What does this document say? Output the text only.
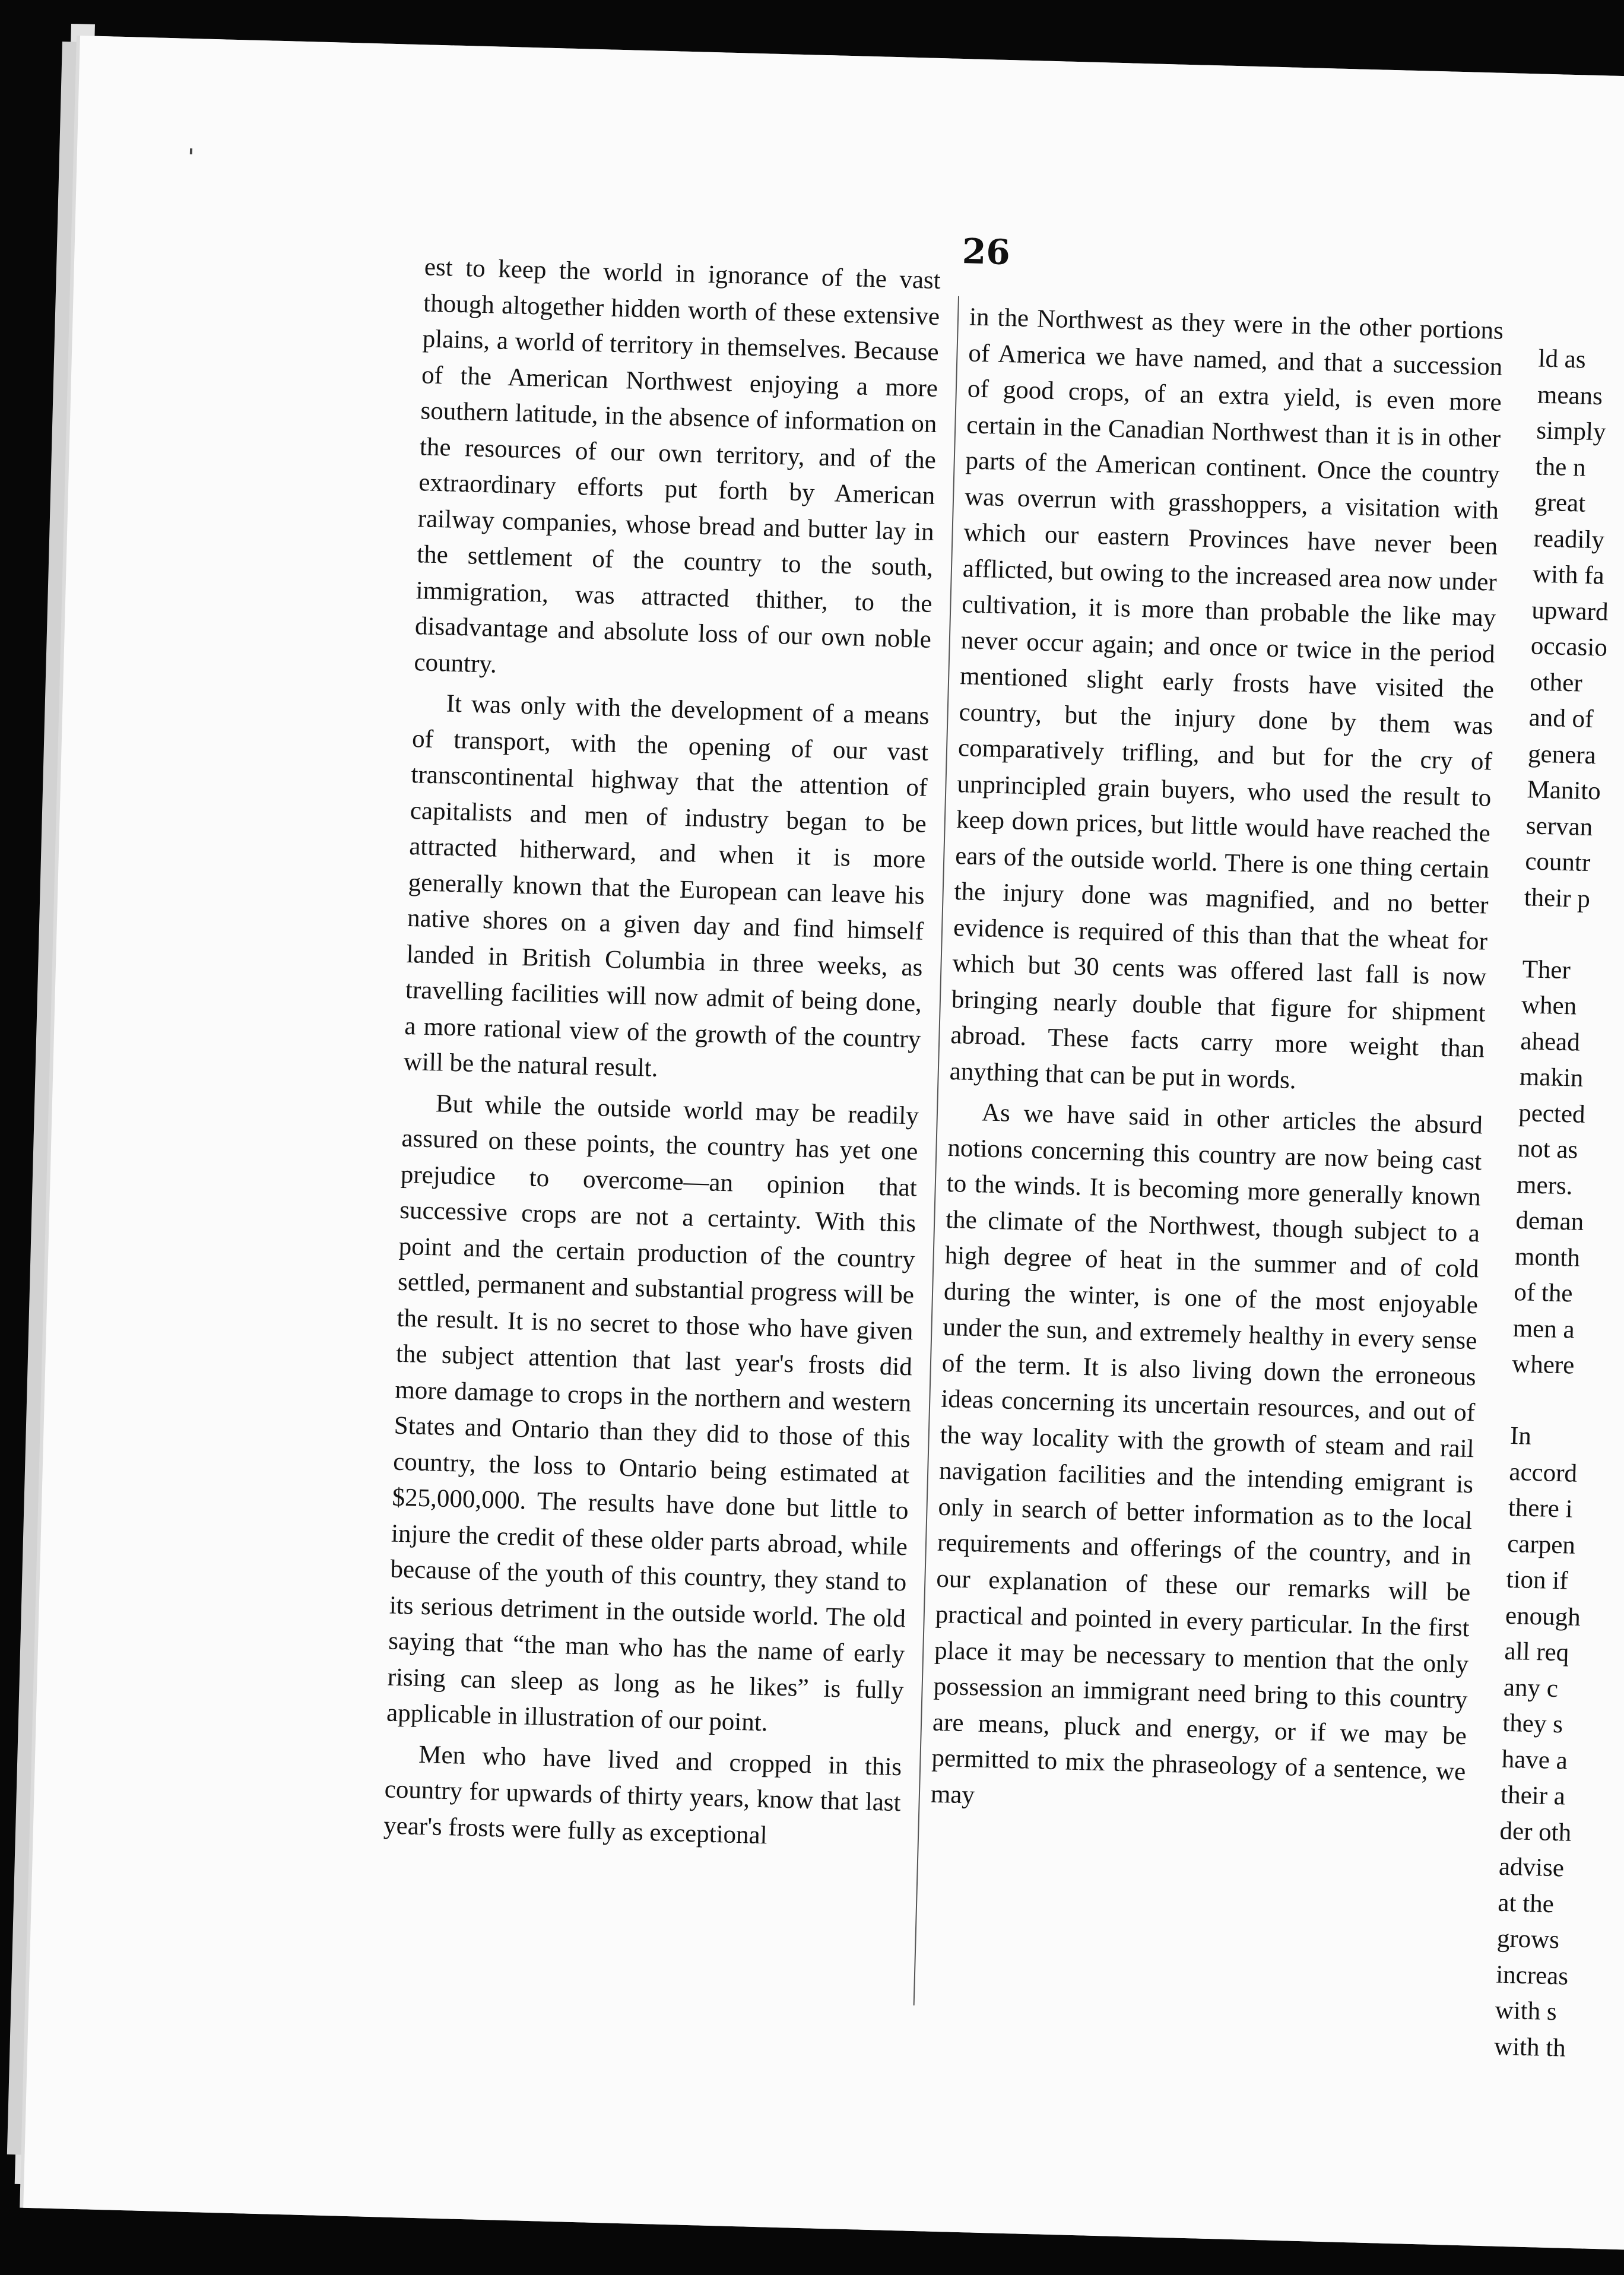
26

est to keep the world in ignorance of the vast though altogether hidden worth of these extensive plains, a world of territory in themselves. Because of the American Northwest enjoying a more southern latitude, in the absence of information on the resources of our own territory, and of the extraordinary efforts put forth by American railway companies, whose bread and butter lay in the settlement of the country to the south, immigration, was attracted thither, to the disadvantage and absolute loss of our own noble country.

It was only with the development of a means of transport, with the opening of our vast transcontinental highway that the attention of capitalists and men of industry began to be attracted hitherward, and when it is more generally known that the European can leave his native shores on a given day and find himself landed in British Columbia in three weeks, as travelling facilities will now admit of being done, a more rational view of the growth of the country will be the natural result.

But while the outside world may be readily assured on these points, the country has yet one prejudice to overcome—an opinion that successive crops are not a certainty. With this point and the certain production of the country settled, permanent and substantial progress will be the result. It is no secret to those who have given the subject attention that last year's frosts did more damage to crops in the northern and western States and Ontario than they did to those of this country, the loss to Ontario being estimated at $25,000,000. The results have done but little to injure the credit of these older parts abroad, while because of the youth of this country, they stand to its serious detriment in the outside world. The old saying that “the man who has the name of early rising can sleep as long as he likes” is fully applicable in illustration of our point.

Men who have lived and cropped in this country for upwards of thirty years, know that last year's frosts were fully as exceptional

in the Northwest as they were in the other portions of America we have named, and that a succession of good crops, of an extra yield, is even more certain in the Canadian Northwest than it is in other parts of the American continent. Once the country was overrun with grasshoppers, a visitation with which our eastern Provinces have never been afflicted, but owing to the increased area now under cultivation, it is more than probable the like may never occur again; and once or twice in the period mentioned slight early frosts have visited the country, but the injury done by them was comparatively trifling, and but for the cry of unprincipled grain buyers, who used the result to keep down prices, but little would have reached the ears of the outside world. There is one thing certain the injury done was magnified, and no better evidence is required of this than that the wheat for which but 30 cents was offered last fall is now bringing nearly double that figure for shipment abroad. These facts carry more weight than anything that can be put in words.

As we have said in other articles the absurd notions concerning this country are now being cast to the winds. It is becoming more generally known the climate of the Northwest, though subject to a high degree of heat in the summer and of cold during the winter, is one of the most enjoyable under the sun, and extremely healthy in every sense of the term. It is also living down the erroneous ideas concerning its uncertain resources, and out of the way locality with the growth of steam and rail navigation facilities and the intending emigrant is only in search of better information as to the local requirements and offerings of the country, and in our explanation of these our remarks will be practical and pointed in every particular. In the first place it may be necessary to mention that the only possession an immigrant need bring to this country are means, pluck and energy, or if we may be permitted to mix the phraseology of a sentence, we may

ld as
means
simply
the n
great
readily
with fa
upward
occasio
other
and of
genera
Manito
servan
countr
their p

Ther
when
ahead
makin
pected
not as
mers.
deman
month
of the
men a
where

In
accord
there i
carpen
tion if
enough
all req
any c
they s
have a
their a
der oth
advise
at the
grows
increas
with s
with th
